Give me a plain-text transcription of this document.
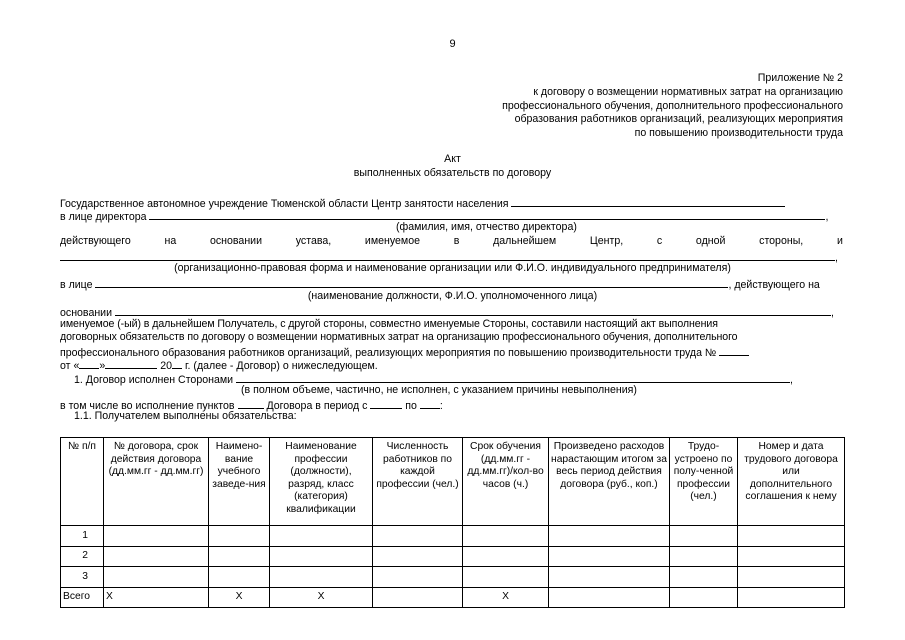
9
Приложение № 2
к договору о возмещении нормативных затрат на организацию
профессионального обучения, дополнительного профессионального
образования работников организаций, реализующих мероприятия
по повышению производительности труда
Акт
выполненных обязательств по договору
Государственное автономное учреждение Тюменской области Центр занятости населения
в лице директора	,
(фамилия, имя, отчество директора)
действующего	на	основании	устава,	именуемое	в	дальнейшем	Центр,	с	одной	стороны,	и
,
(организационно-правовая форма и наименование организации или Ф.И.О. индивидуального предпринимателя)
в лице	, действующего на
(наименование должности, Ф.И.О. уполномоченного лица)
основании	,
именуемое (-ый) в дальнейшем Получатель, с другой стороны, совместно именуемые Стороны, составили настоящий акт выполнения
договорных обязательств по договору о возмещении нормативных затрат на организацию профессионального обучения, дополнительного
профессионального образования работников организаций, реализующих мероприятия по повышению производительности труда №
от « »	20 г. (далее - Договор) о нижеследующем.
1. Договор исполнен Сторонами	,
(в полном объеме, частично, не исполнен, с указанием причины невыполнения)
в том числе во исполнение пунктов	Договора в период с	по :
1.1. Получателем выполнены обязательства:
№ п/п	№ договора, срок действия договора (дд.мм.гг - дд.мм.гг)	Наимено-вание учебного заведе-ния	Наименование профессии (должности), разряд, класс (категория) квалификации	Численность работников по каждой профессии (чел.)	Срок обучения (дд.мм.гг - дд.мм.гг)/кол-во часов (ч.)	Произведено расходов нарастающим итогом за весь период действия договора (руб., коп.)	Трудо-устроено по полу-ченной профессии (чел.)	Номер и дата трудового договора или дополнительного соглашения к нему
1								
2								
3								
Всего	Х	Х	Х		Х			
